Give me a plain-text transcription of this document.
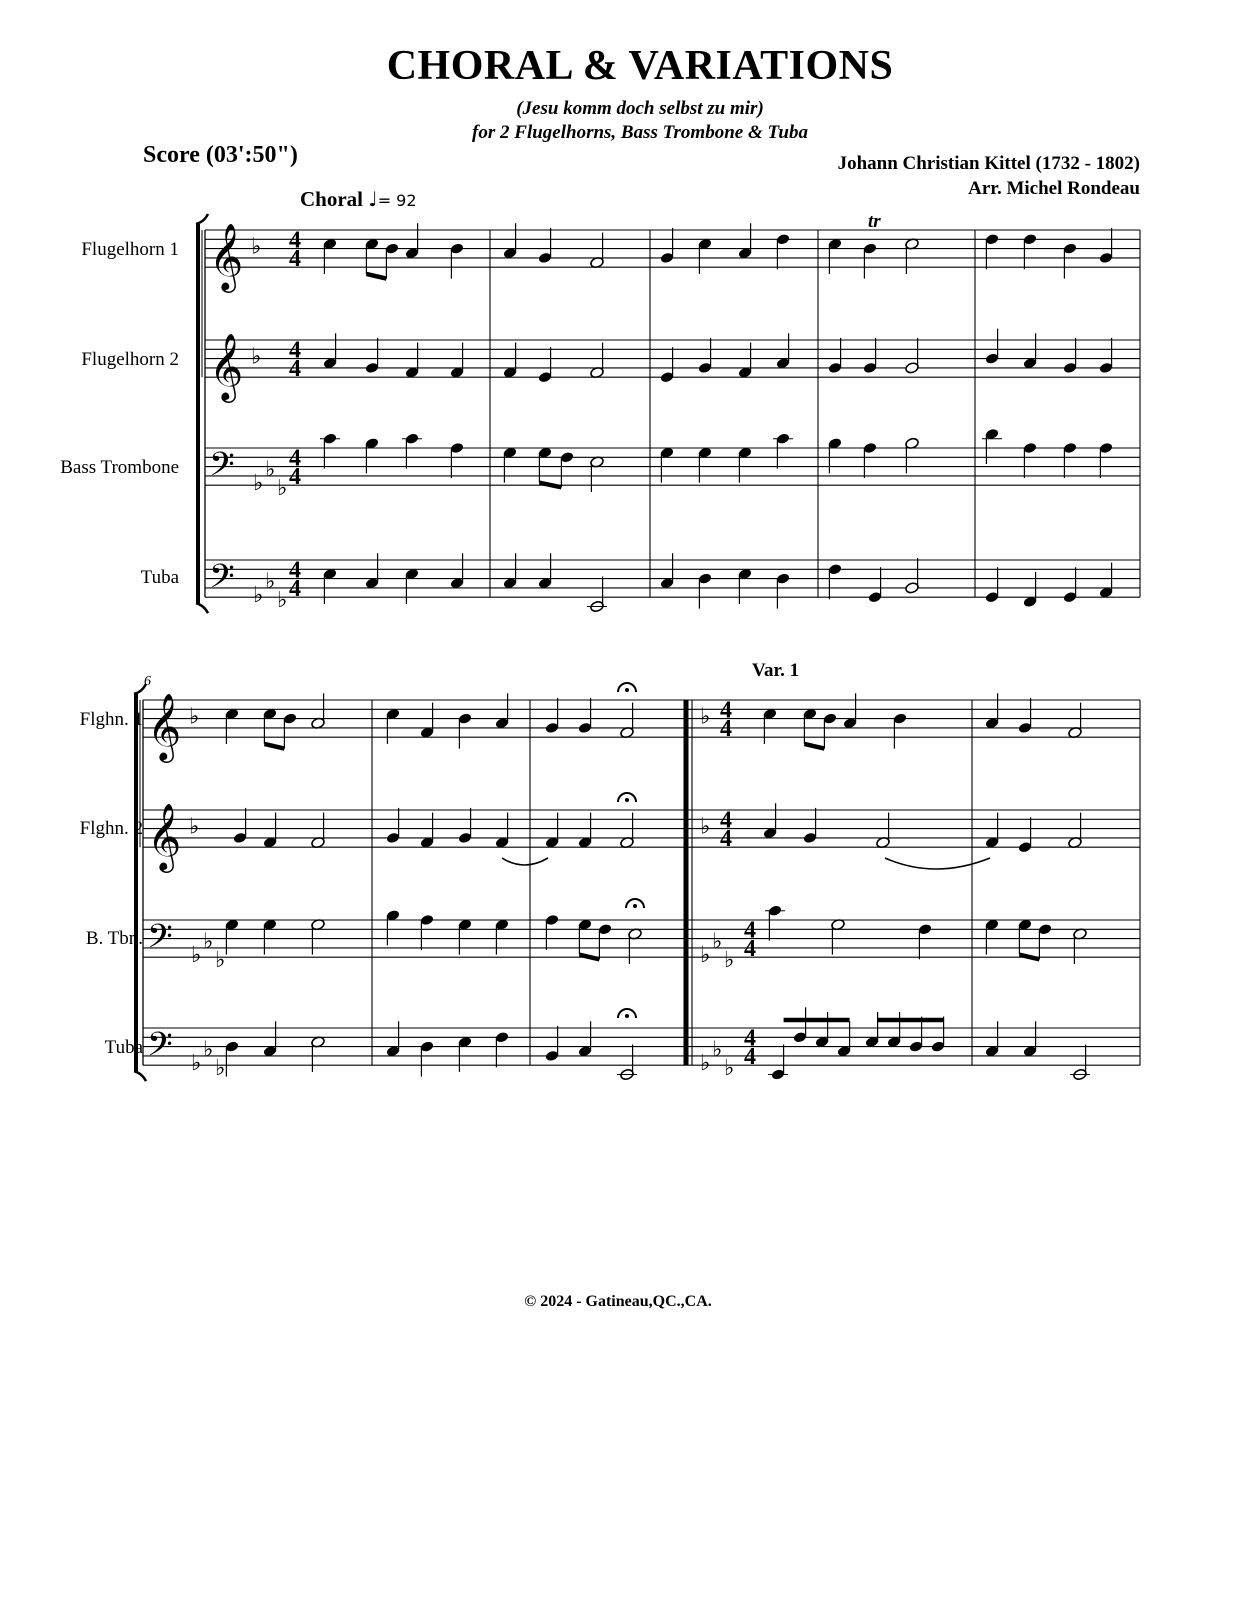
CHORAL & VARIATIONS
(Jesu komm doch selbst zu mir)
for 2 Flugelhorns, Bass Trombone & Tuba
Score (03':50")	Johann Christian Kittel (1732 - 1802)
Arr. Michel Rondeau
Choral ♩= 92
Var. 1
Flugelhorn 1
Flugelhorn 2
Bass Trombone
Tuba
Flghn. 1
Flghn. 2
B. Tbn.
Tuba
© 2024 - Gatineau,QC.,CA.
𝄞 ♭ 4
4
𝄞 ♭ 4
4
𝄢 ♭
♭
♭
4
4
𝄢 ♭
♭
♭
4
4
𝄞 ♭	♭ 4
4
𝄞 ♭	♭ 4
4
𝄢 ♭
♭
♭	♭
♭
♭
4
4
𝄢 ♭
♭
♭	♭
♭
♭
4
4
6
tr
